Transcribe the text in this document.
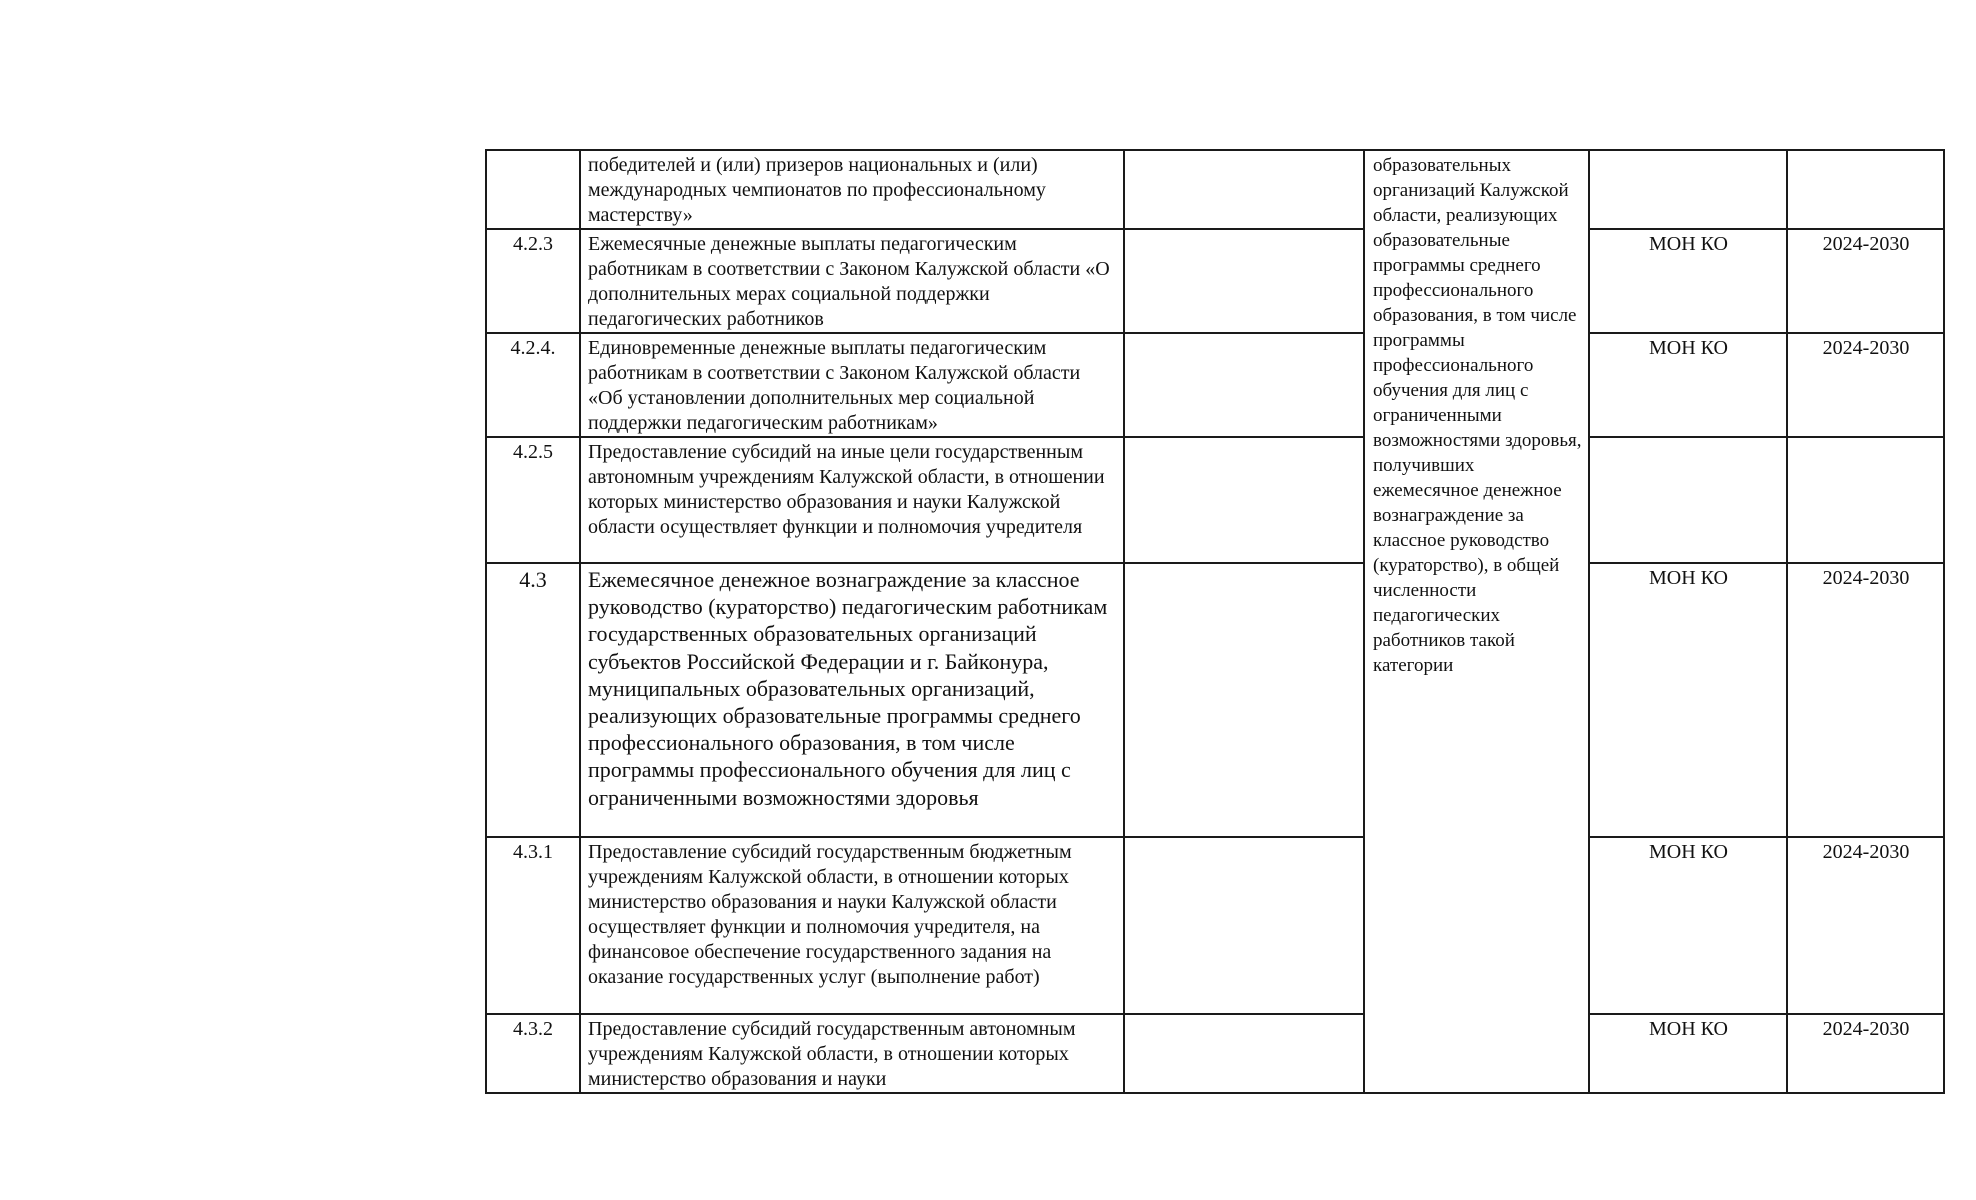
	победителей и (или) призеров национальных и (или) международных чемпионатов по профессиональному мастерству»		образовательных организаций Калужской области, реализующих образовательные программы среднего профессионального образования, в том числе программы профессионального обучения для лиц с ограниченными возможностями здоровья, получивших ежемесячное денежное вознаграждение за классное руководство (кураторство), в общей численности педагогических работников такой категории		
4.2.3	Ежемесячные денежные выплаты педагогическим работникам в соответствии с Законом Калужской области «О дополнительных мерах социальной поддержки педагогических работников			МОН КО	2024-2030
4.2.4.	Единовременные денежные выплаты педагогическим работникам в соответствии с Законом Калужской области «Об установлении дополнительных мер социальной поддержки педагогическим работникам»			МОН КО	2024-2030
4.2.5	Предоставление субсидий на иные цели государственным автономным учреждениям Калужской области, в отношении которых министерство образования и науки Калужской области осуществляет функции и полномочия учредителя				
4.3	Ежемесячное денежное вознаграждение за классное руководство (кураторство) педагогическим работникам государственных образовательных организаций субъектов Российской Федерации и г. Байконура, муниципальных образовательных организаций, реализующих образовательные программы среднего профессионального образования, в том числе программы профессионального обучения для лиц с ограниченными возможностями здоровья			МОН КО	2024-2030
4.3.1	Предоставление субсидий государственным бюджетным учреждениям Калужской области, в отношении которых министерство образования и науки Калужской области осуществляет функции и полномочия учредителя, на финансовое обеспечение государственного задания на оказание государственных услуг (выполнение работ)			МОН КО	2024-2030
4.3.2	Предоставление субсидий государственным автономным учреждениям Калужской области, в отношении которых министерство образования и науки			МОН КО	2024-2030
